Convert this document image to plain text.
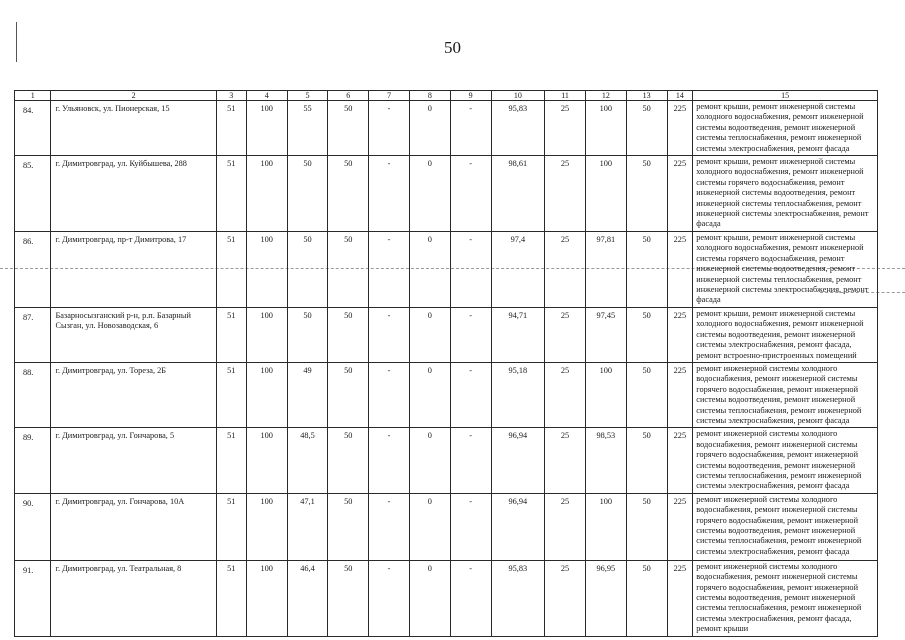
50
1	2	3	4	5	6	7	8	9	10	11	12	13	14	15
84.	г. Ульяновск, ул. Пионерская, 15	51	100	55	50	-	0	-	95,83	25	100	50	225	ремонт крыши, ремонт инженерной системы холодного водоснабжения, ремонт инженерной системы водоотведения, ремонт инженерной системы теплоснабжения, ремонт инженерной системы электроснабжения, ремонт фасада
85.	г. Димитровград, ул. Куйбышева, 288	51	100	50	50	-	0	-	98,61	25	100	50	225	ремонт крыши, ремонт инженерной системы холодного водоснабжения, ремонт инженерной системы горячего водоснабжения, ремонт инженерной системы водоотведения, ремонт инженерной системы теплоснабжения, ремонт инженерной системы электроснабжения, ремонт фасада
86.	г. Димитровград, пр-т Димитрова, 17	51	100	50	50	-	0	-	97,4	25	97,81	50	225	ремонт крыши, ремонт инженерной системы холодного водоснабжения, ремонт инженерной системы горячего водоснабжения, ремонт инженерной системы водоотведения, ремонт инженерной системы теплоснабжения, ремонт инженерной системы электроснабжения, ремонт фасада
87.	Базарносызганский р-н, р.п. Базарный Сызган, ул. Новозаводская, 6	51	100	50	50	-	0	-	94,71	25	97,45	50	225	ремонт крыши, ремонт инженерной системы холодного водоснабжения, ремонт инженерной системы водоотведения, ремонт инженерной системы электроснабжения, ремонт фасада, ремонт встроенно-пристроенных помещений
88.	г. Димитровград, ул. Тореза, 2Б	51	100	49	50	-	0	-	95,18	25	100	50	225	ремонт инженерной системы холодного водоснабжения, ремонт инженерной системы горячего водоснабжения, ремонт инженерной системы водоотведения, ремонт инженерной системы теплоснабжения, ремонт инженерной системы электроснабжения, ремонт фасада
89.	г. Димитровград, ул. Гончарова, 5	51	100	48,5	50	-	0	-	96,94	25	98,53	50	225	ремонт инженерной системы холодного водоснабжения, ремонт инженерной системы горячего водоснабжения, ремонт инженерной системы водоотведения, ремонт инженерной системы теплоснабжения, ремонт инженерной системы электроснабжения, ремонт фасада
90.	г. Димитровград, ул. Гончарова, 10А	51	100	47,1	50	-	0	-	96,94	25	100	50	225	ремонт инженерной системы холодного водоснабжения, ремонт инженерной системы горячего водоснабжения, ремонт инженерной системы водоотведения, ремонт инженерной системы теплоснабжения, ремонт инженерной системы электроснабжения, ремонт фасада
91.	г. Димитровград, ул. Театральная, 8	51	100	46,4	50	-	0	-	95,83	25	96,95	50	225	ремонт инженерной системы холодного водоснабжения, ремонт инженерной системы горячего водоснабжения, ремонт инженерной системы водоотведения, ремонт инженерной системы теплоснабжения, ремонт инженерной системы электроснабжения, ремонт фасада, ремонт крыши
